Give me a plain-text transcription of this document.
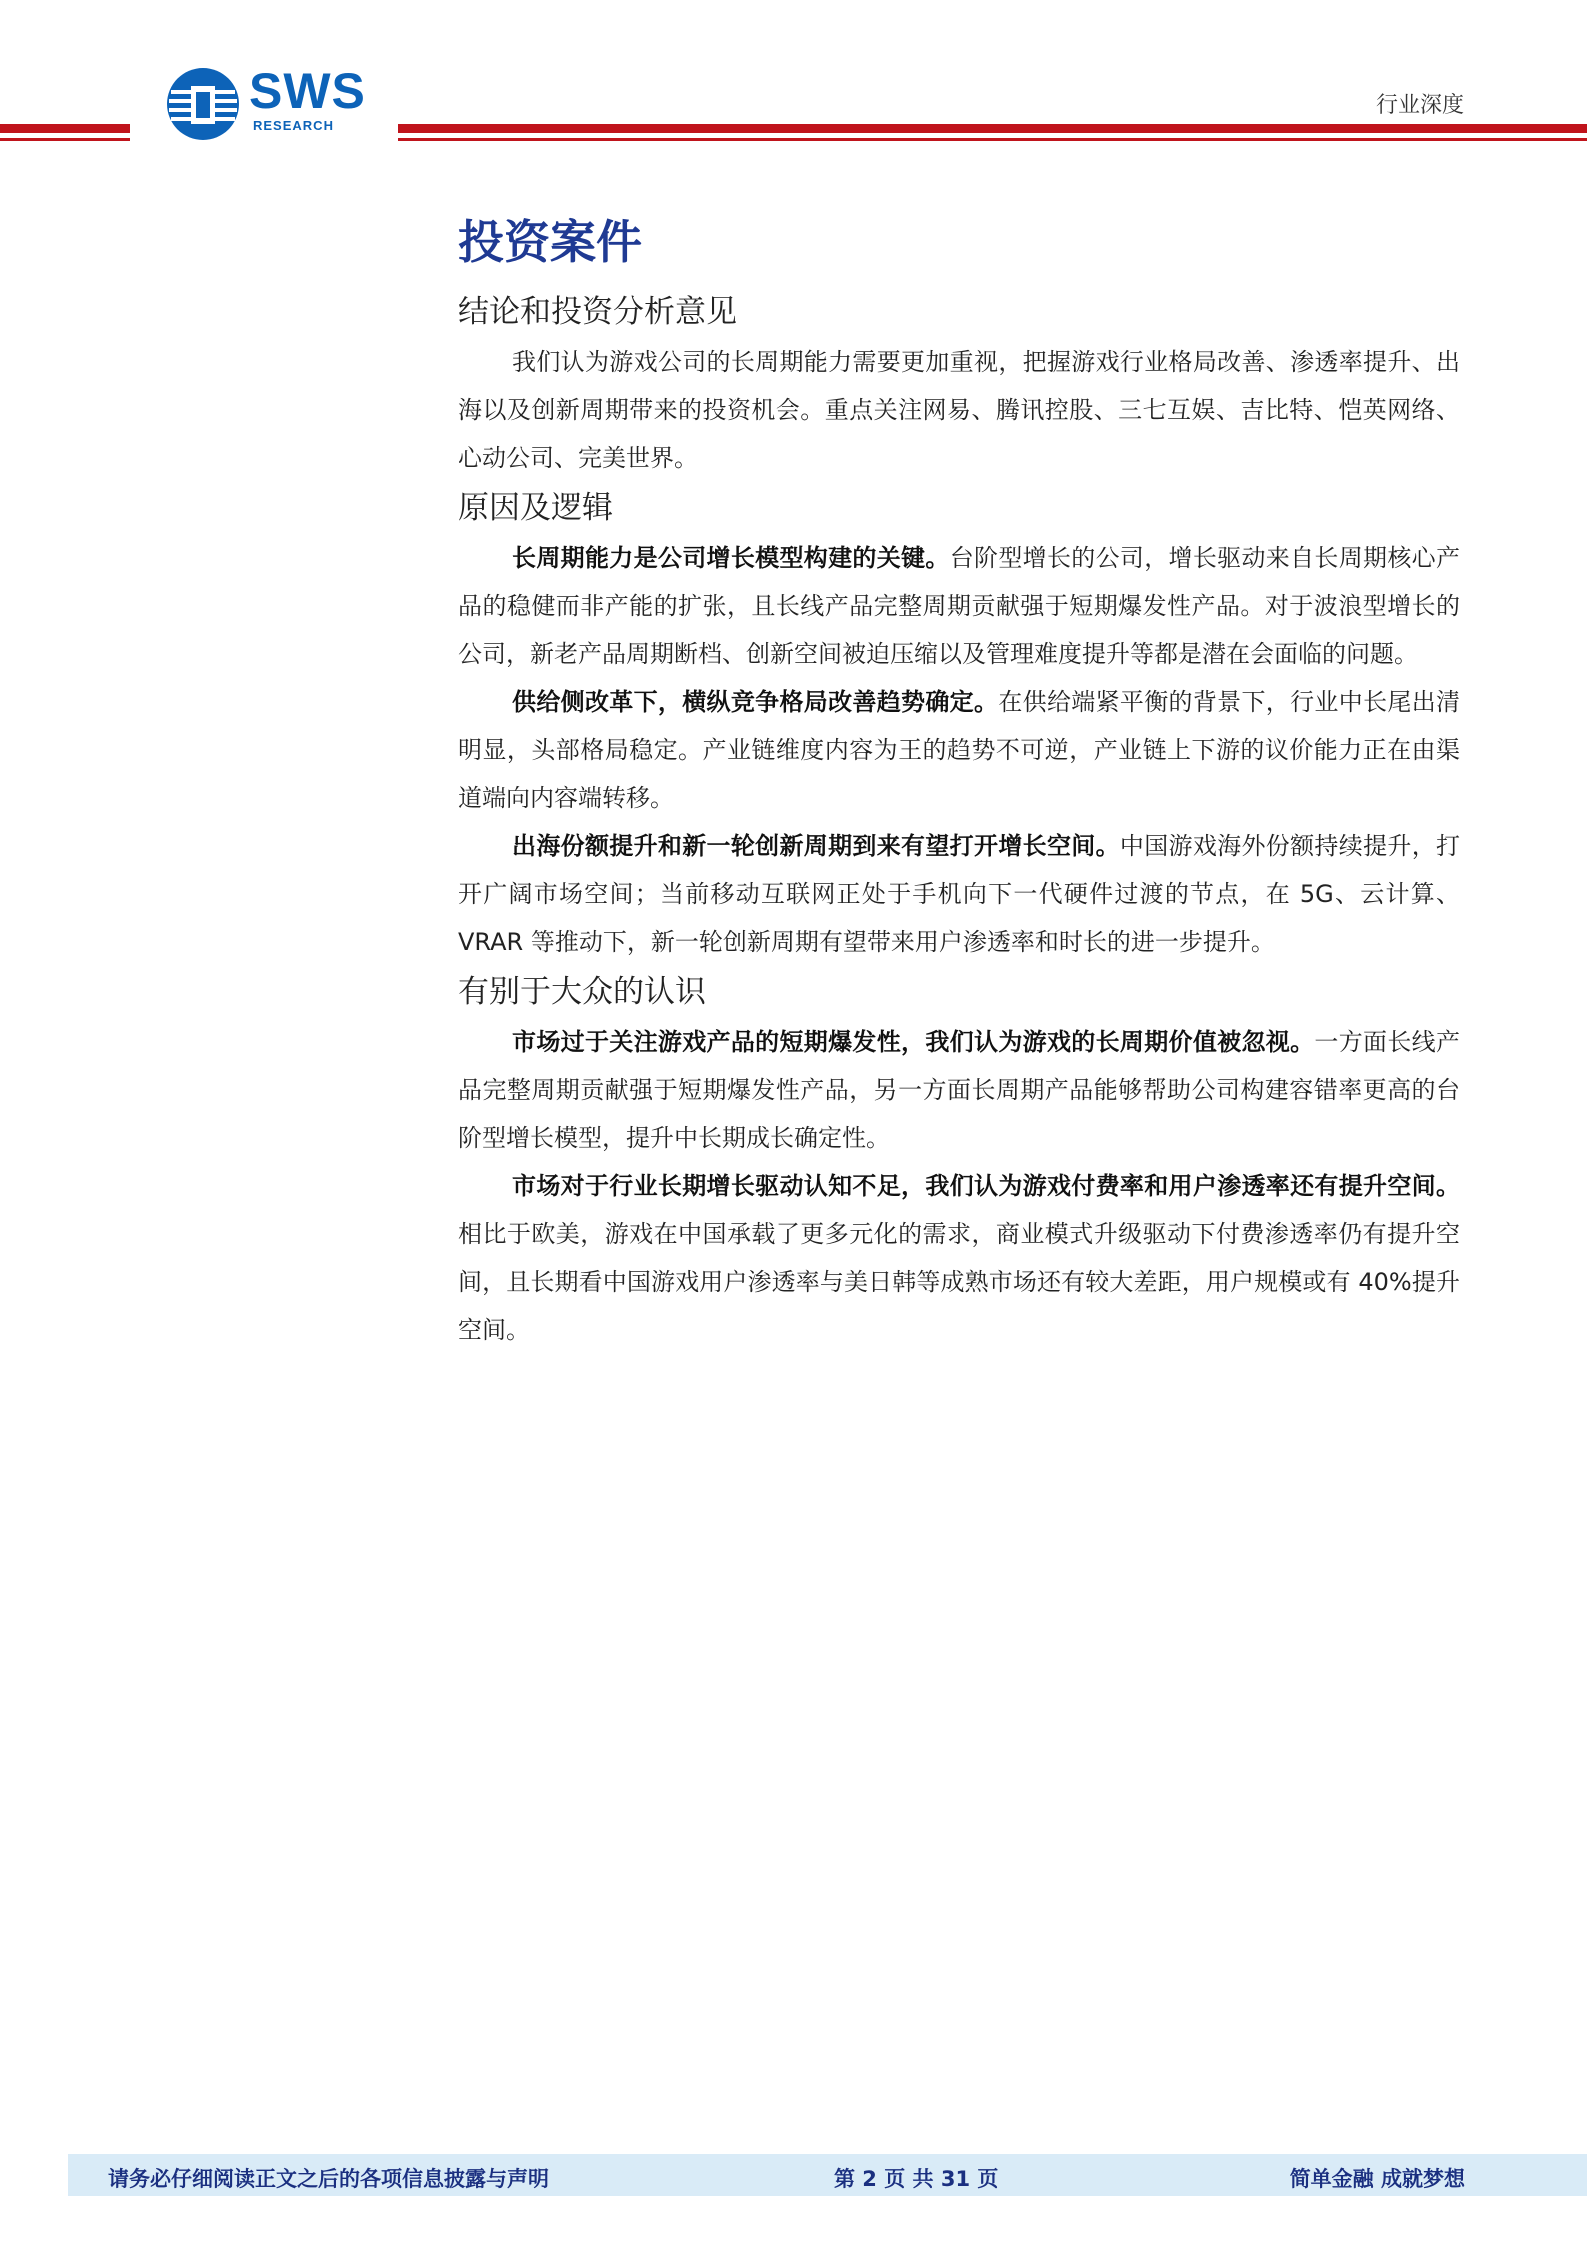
SWS
RESEARCH
行业深度
投资案件
结论和投资分析意见

我们认为游戏公司的长周期能力需要更加重视，把握游戏行业格局改善、渗透率提升、出海以及创新周期带来的投资机会。重点关注网易、腾讯控股、三七互娱、吉比特、恺英网络、心动公司、完美世界。

原因及逻辑

长周期能力是公司增长模型构建的关键。台阶型增长的公司，增长驱动来自长周期核心产品的稳健而非产能的扩张，且长线产品完整周期贡献强于短期爆发性产品。对于波浪型增长的公司，新老产品周期断档、创新空间被迫压缩以及管理难度提升等都是潜在会面临的问题。

供给侧改革下，横纵竞争格局改善趋势确定。在供给端紧平衡的背景下，行业中长尾出清明显，头部格局稳定。产业链维度内容为王的趋势不可逆，产业链上下游的议价能力正在由渠道端向内容端转移。

出海份额提升和新一轮创新周期到来有望打开增长空间。中国游戏海外份额持续提升，打开广阔市场空间；当前移动互联网正处于手机向下一代硬件过渡的节点，在 5G、云计算、VRAR 等推动下，新一轮创新周期有望带来用户渗透率和时长的进一步提升。

有别于大众的认识

市场过于关注游戏产品的短期爆发性，我们认为游戏的长周期价值被忽视。一方面长线产品完整周期贡献强于短期爆发性产品，另一方面长周期产品能够帮助公司构建容错率更高的台阶型增长模型，提升中长期成长确定性。

市场对于行业长期增长驱动认知不足，我们认为游戏付费率和用户渗透率还有提升空间。相比于欧美，游戏在中国承载了更多元化的需求，商业模式升级驱动下付费渗透率仍有提升空间，且长期看中国游戏用户渗透率与美日韩等成熟市场还有较大差距，用户规模或有 40%提升空间。

请务必仔细阅读正文之后的各项信息披露与声明	第 2 页 共 31 页	简单金融 成就梦想
